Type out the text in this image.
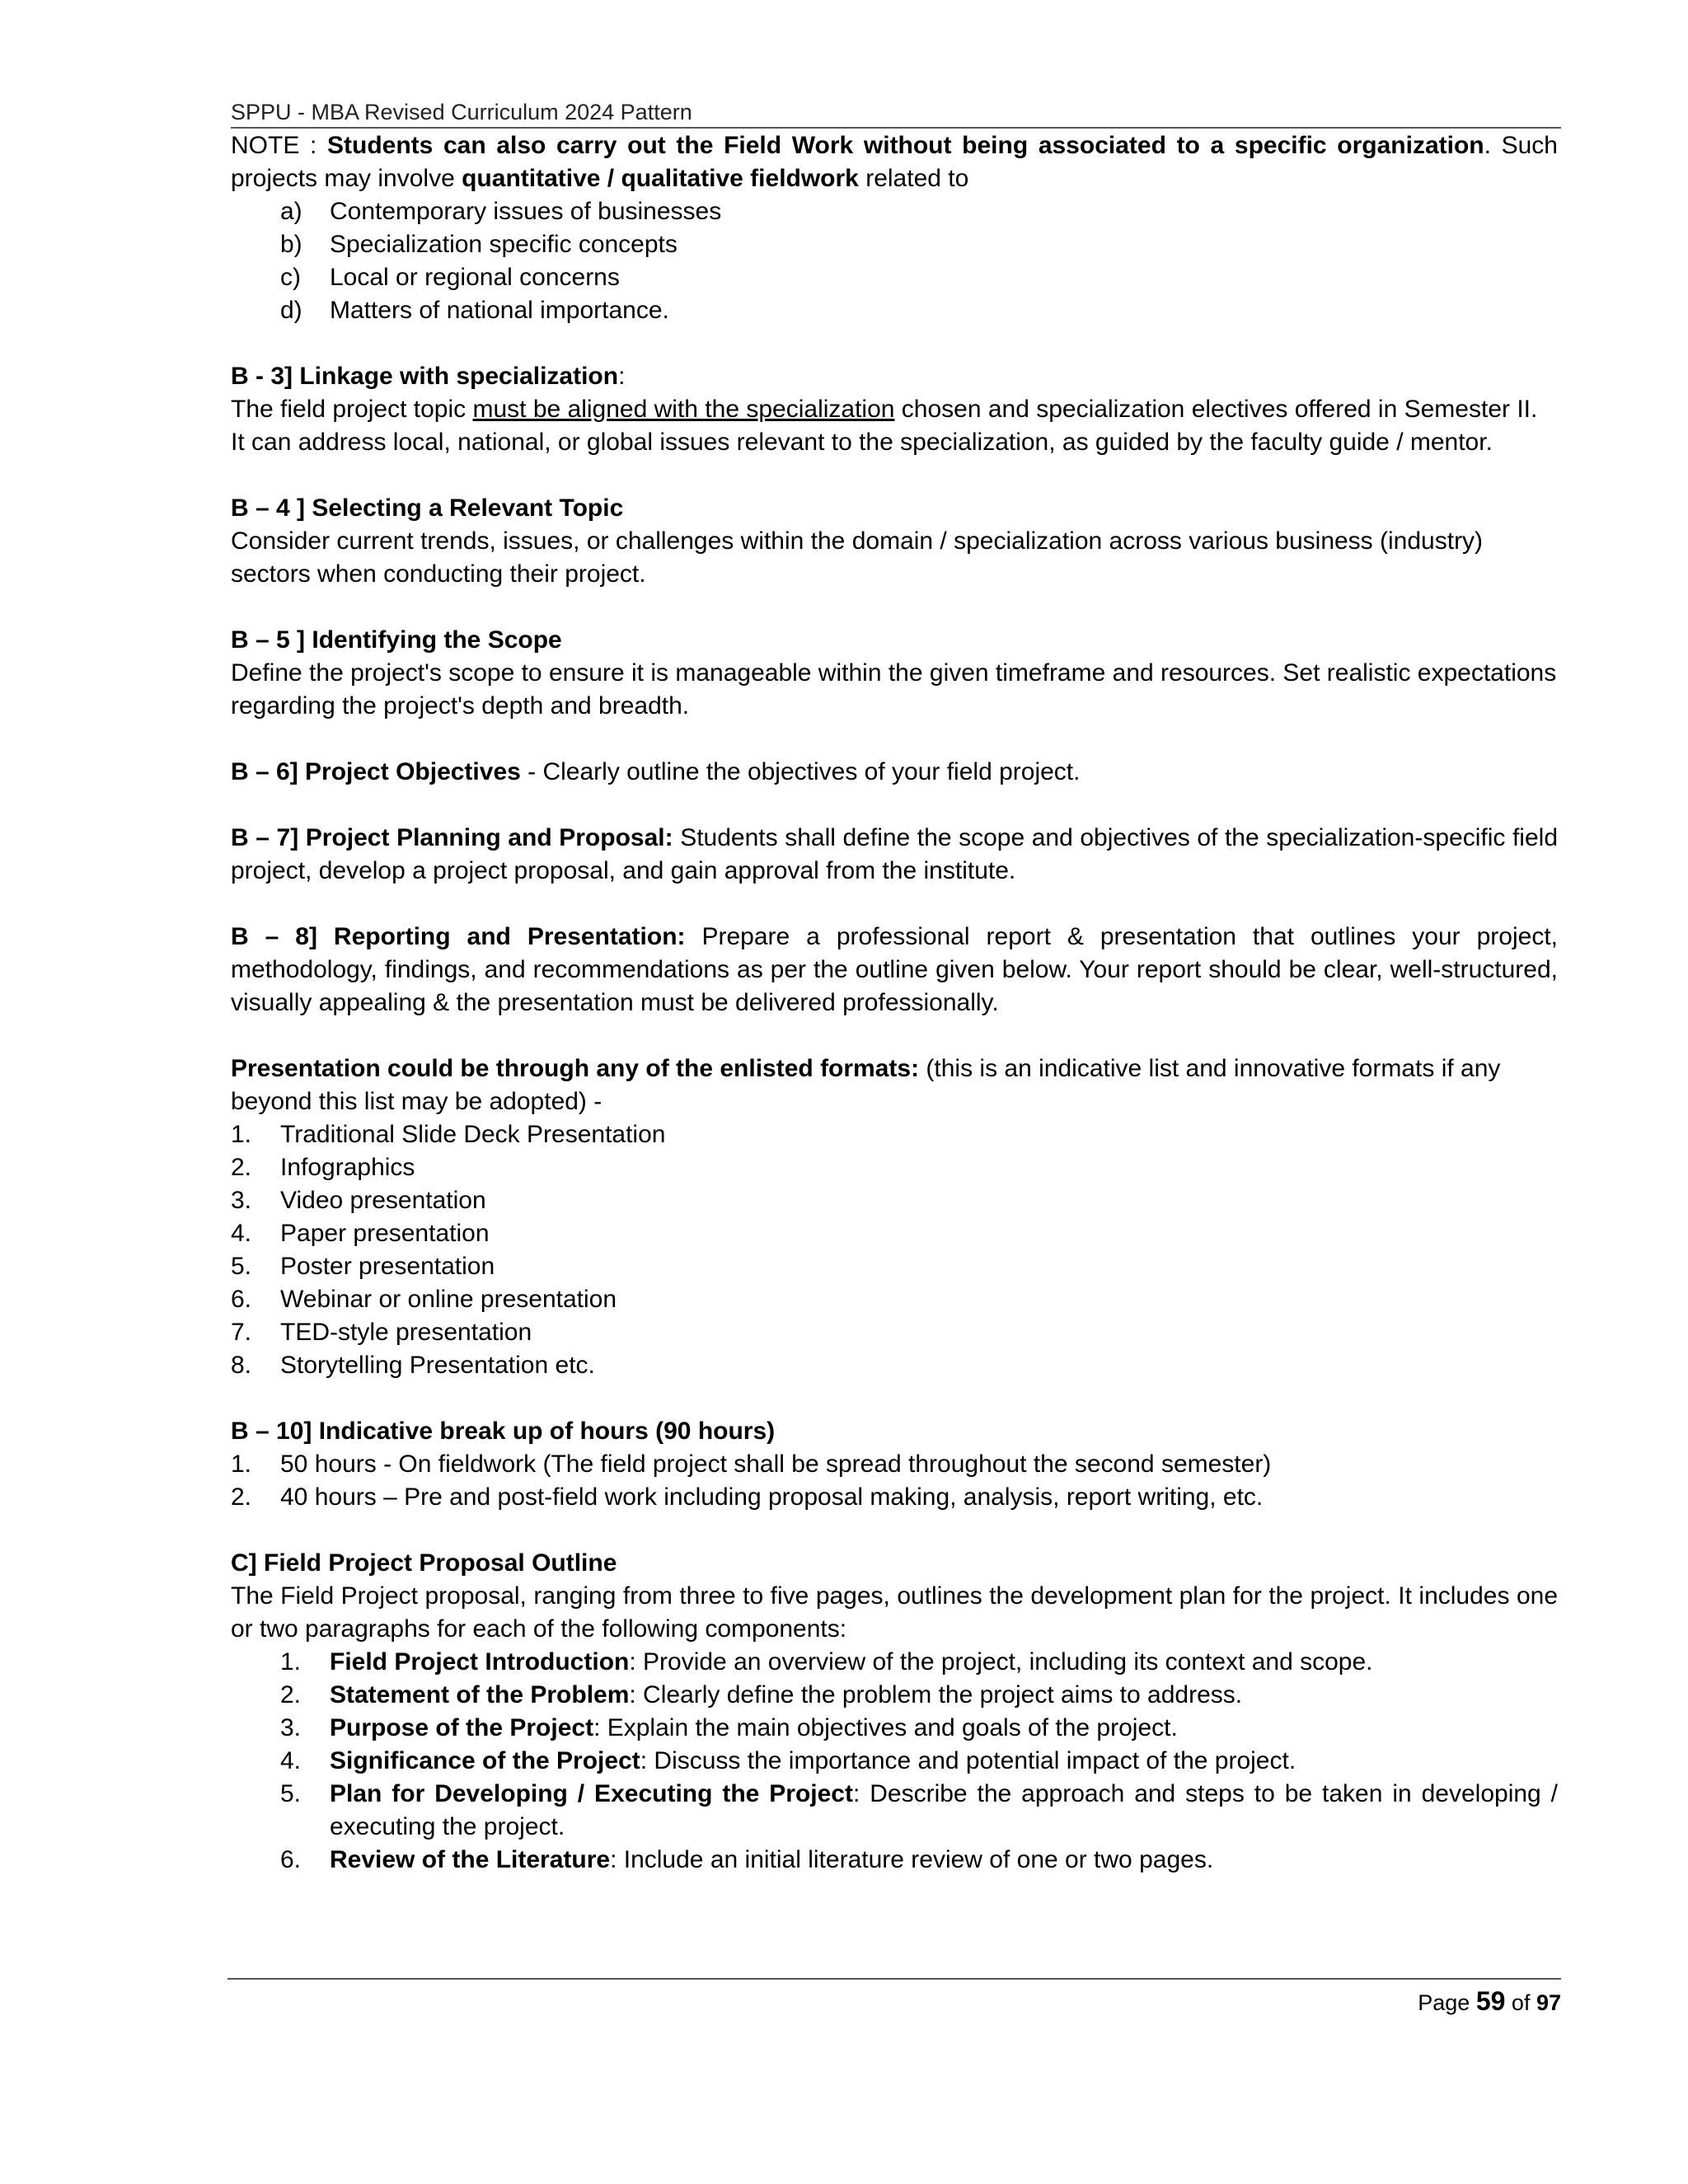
SPPU - MBA Revised Curriculum 2024 Pattern

NOTE : Students can also carry out the Field Work without being associated to a specific organization. Such projects may involve quantitative / qualitative fieldwork related to

a) Contemporary issues of businesses
b) Specialization specific concepts
c) Local or regional concerns
d) Matters of national importance.

B - 3] Linkage with specialization:

The field project topic must be aligned with the specialization chosen and specialization electives offered in Semester II. It can address local, national, or global issues relevant to the specialization, as guided by the faculty guide / mentor.

B – 4 ] Selecting a Relevant Topic

Consider current trends, issues, or challenges within the domain / specialization across various business (industry) sectors when conducting their project.

B – 5 ] Identifying the Scope

Define the project's scope to ensure it is manageable within the given timeframe and resources. Set realistic expectations regarding the project's depth and breadth.

B – 6] Project Objectives - Clearly outline the objectives of your field project.

B – 7] Project Planning and Proposal: Students shall define the scope and objectives of the specialization-specific field project, develop a project proposal, and gain approval from the institute.

B – 8] Reporting and Presentation: Prepare a professional report & presentation that outlines your project, methodology, findings, and recommendations as per the outline given below. Your report should be clear, well-structured, visually appealing & the presentation must be delivered professionally.

Presentation could be through any of the enlisted formats: (this is an indicative list and innovative formats if any beyond this list may be adopted) -

1. Traditional Slide Deck Presentation
2. Infographics
3. Video presentation
4. Paper presentation
5. Poster presentation
6. Webinar or online presentation
7. TED-style presentation
8. Storytelling Presentation etc.

B – 10] Indicative break up of hours (90 hours)

1. 50 hours - On fieldwork (The field project shall be spread throughout the second semester)
2. 40 hours – Pre and post-field work including proposal making, analysis, report writing, etc.

C] Field Project Proposal Outline

The Field Project proposal, ranging from three to five pages, outlines the development plan for the project. It includes one or two paragraphs for each of the following components:

1. Field Project Introduction: Provide an overview of the project, including its context and scope.
2. Statement of the Problem: Clearly define the problem the project aims to address.
3. Purpose of the Project: Explain the main objectives and goals of the project.
4. Significance of the Project: Discuss the importance and potential impact of the project.
5. Plan for Developing / Executing the Project: Describe the approach and steps to be taken in developing / executing the project.
6. Review of the Literature: Include an initial literature review of one or two pages.
Page 59 of 97
